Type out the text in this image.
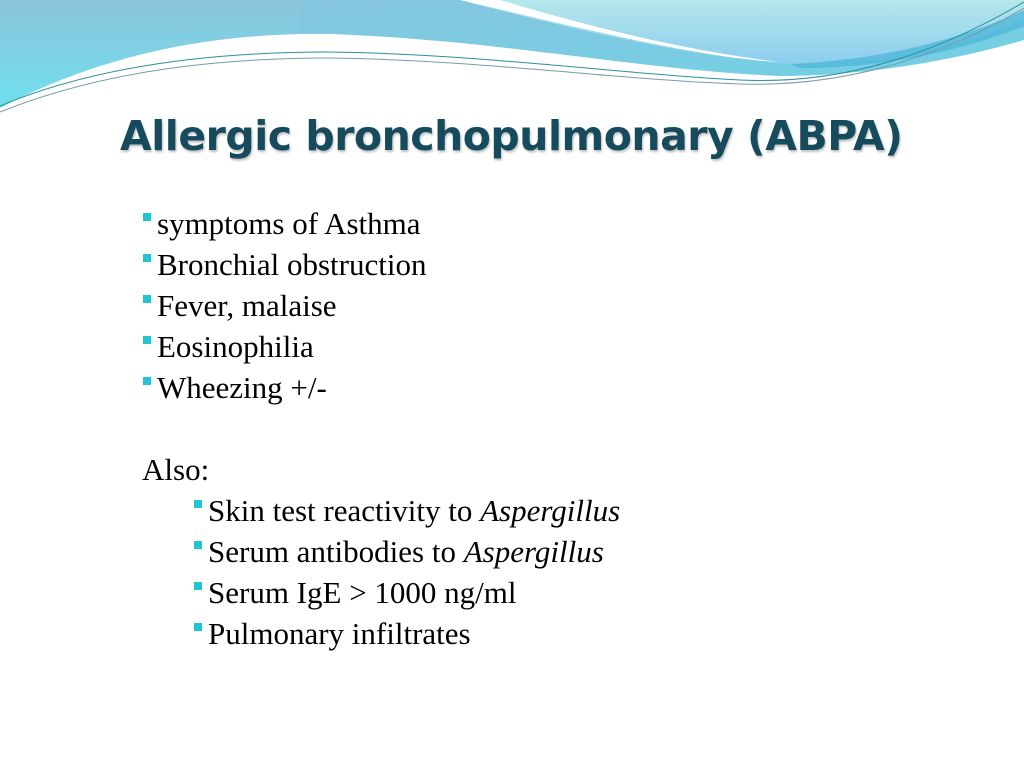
Allergic bronchopulmonary (ABPA)
symptoms of Asthma
Bronchial obstruction
Fever, malaise
Eosinophilia
Wheezing +/-

Also:

Skin test reactivity to Aspergillus
Serum antibodies to Aspergillus
Serum IgE > 1000 ng/ml
Pulmonary infiltrates
